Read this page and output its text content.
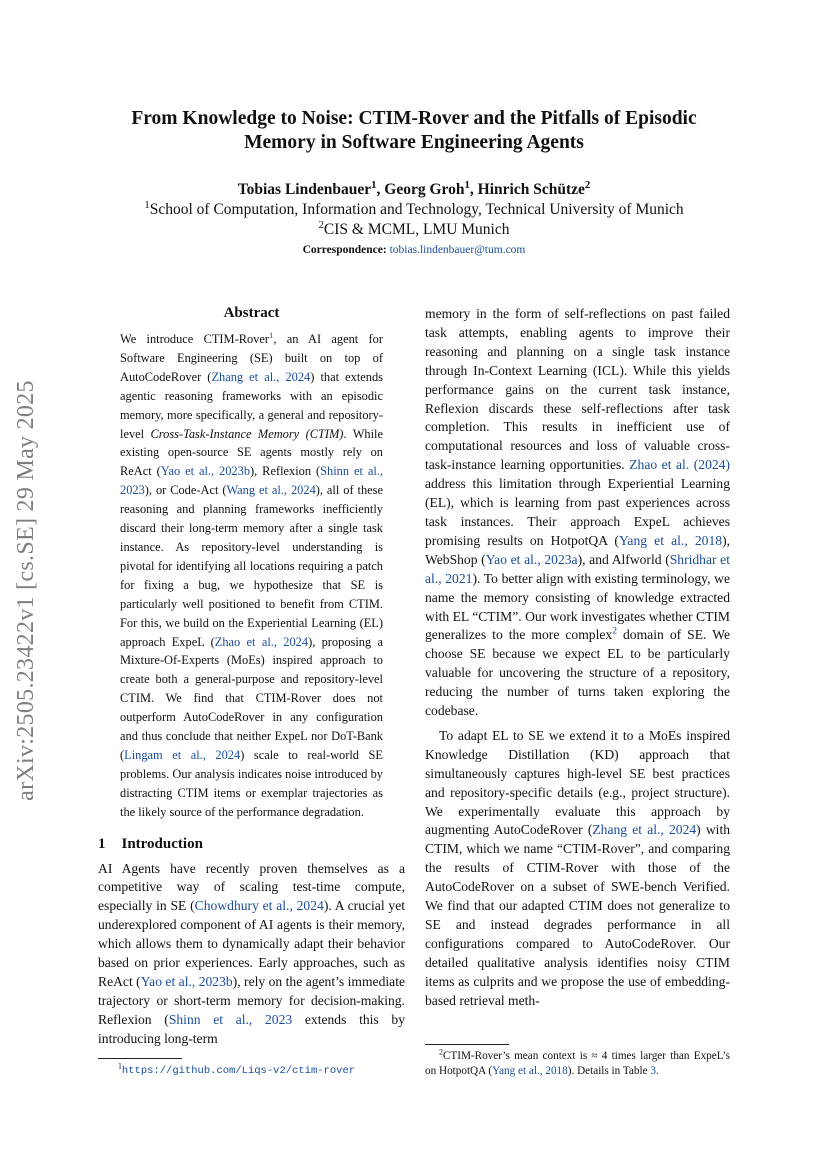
arXiv:2505.23422v1 [cs.SE] 29 May 2025
From Knowledge to Noise: CTIM-Rover and the Pitfalls of Episodic
Memory in Software Engineering Agents
Tobias Lindenbauer$^1$, Georg Groh$^1$, Hinrich Schütze$^2$
$^1$School of Computation, Information and Technology, Technical University of Munich
$^2$CIS & MCML, LMU Munich
Correspondence: tobias.lindenbauer@tum.com
Abstract

We introduce CTIM-Rover$^1$, an AI agent for Software Engineering (SE) built on top of AutoCodeRover (Zhang et al., 2024) that extends agentic reasoning frameworks with an episodic memory, more specifically, a general and repository-level Cross-Task-Instance Memory (CTIM). While existing open-source SE agents mostly rely on ReAct (Yao et al., 2023b), Reflexion (Shinn et al., 2023), or Code-Act (Wang et al., 2024), all of these reasoning and planning frameworks inefficiently discard their long-term memory after a single task instance. As repository-level understanding is pivotal for identifying all locations requiring a patch for fixing a bug, we hypothesize that SE is particularly well positioned to benefit from CTIM. For this, we build on the Experiential Learning (EL) approach ExpeL (Zhao et al., 2024), proposing a Mixture-Of-Experts (MoEs) inspired approach to create both a general-purpose and repository-level CTIM. We find that CTIM-Rover does not outperform AutoCodeRover in any configuration and thus conclude that neither ExpeL nor DoT-Bank (Lingam et al., 2024) scale to real-world SE problems. Our analysis indicates noise introduced by distracting CTIM items or exemplar trajectories as the likely source of the performance degradation.

1 Introduction

AI Agents have recently proven themselves as a competitive way of scaling test-time compute, especially in SE (Chowdhury et al., 2024). A crucial yet underexplored component of AI agents is their memory, which allows them to dynamically adapt their behavior based on prior experiences. Early approaches, such as ReAct (Yao et al., 2023b), rely on the agent’s immediate trajectory or short-term memory for decision-making. Reflexion (Shinn et al., 2023 extends this by introducing long-term

$^1$https://github.com/Liqs-v2/ctim-rover

memory in the form of self-reflections on past failed task attempts, enabling agents to improve their reasoning and planning on a single task instance through In-Context Learning (ICL). While this yields performance gains on the current task instance, Reflexion discards these self-reflections after task completion. This results in inefficient use of computational resources and loss of valuable cross-task-instance learning opportunities. Zhao et al. (2024) address this limitation through Experiential Learning (EL), which is learning from past experiences across task instances. Their approach ExpeL achieves promising results on HotpotQA (Yang et al., 2018), WebShop (Yao et al., 2023a), and Alfworld (Shridhar et al., 2021). To better align with existing terminology, we name the memory consisting of knowledge extracted with EL “CTIM”. Our work investigates whether CTIM generalizes to the more complex$^2$ domain of SE. We choose SE because we expect EL to be particularly valuable for uncovering the structure of a repository, reducing the number of turns taken exploring the codebase.

To adapt EL to SE we extend it to a MoEs inspired Knowledge Distillation (KD) approach that simultaneously captures high-level SE best practices and repository-specific details (e.g., project structure). We experimentally evaluate this approach by augmenting AutoCodeRover (Zhang et al., 2024) with CTIM, which we name “CTIM-Rover”, and comparing the results of CTIM-Rover with those of the AutoCodeRover on a subset of SWE-bench Verified. We find that our adapted CTIM does not generalize to SE and instead degrades performance in all configurations compared to AutoCodeRover. Our detailed qualitative analysis identifies noisy CTIM items as culprits and we propose the use of embedding-based retrieval meth-

$^2$CTIM-Rover’s mean context is ≈ 4 times larger than ExpeL’s on HotpotQA (Yang et al., 2018). Details in Table 3.
